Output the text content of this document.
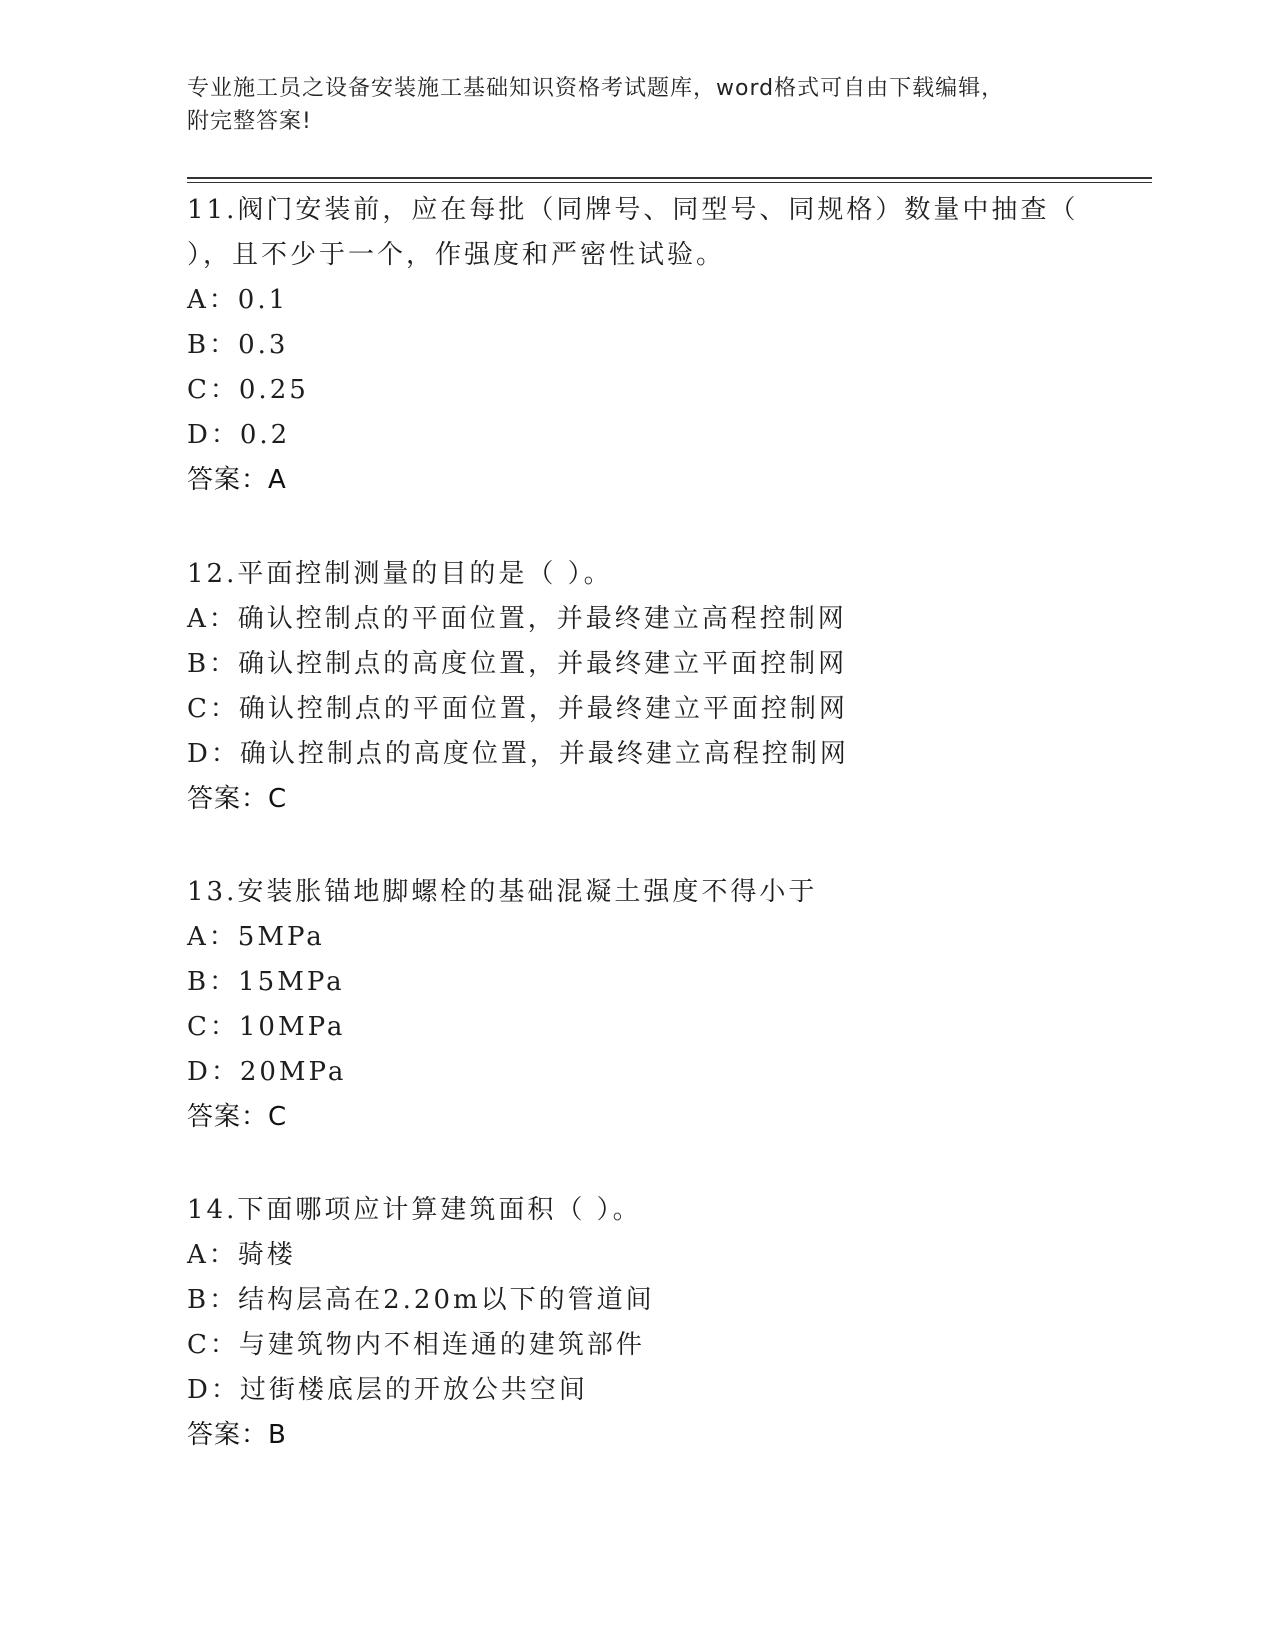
专业施工员之设备安装施工基础知识资格考试题库，word格式可自由下载编辑，
附完整答案!
11.阀门安装前，应在每批（同牌号、同型号、同规格）数量中抽查（
），且不少于一个，作强度和严密性试验。
A：0.1
B：0.3
C：0.25
D：0.2
答案：A
12.平面控制测量的目的是（ ）。
A：确认控制点的平面位置，并最终建立高程控制网
B：确认控制点的高度位置，并最终建立平面控制网
C：确认控制点的平面位置，并最终建立平面控制网
D：确认控制点的高度位置，并最终建立高程控制网
答案：C
13.安装胀锚地脚螺栓的基础混凝土强度不得小于
A：5MPa
B：15MPa
C：10MPa
D：20MPa
答案：C
14.下面哪项应计算建筑面积（ ）。
A：骑楼
B：结构层高在2.20m以下的管道间
C：与建筑物内不相连通的建筑部件
D：过街楼底层的开放公共空间
答案：B
